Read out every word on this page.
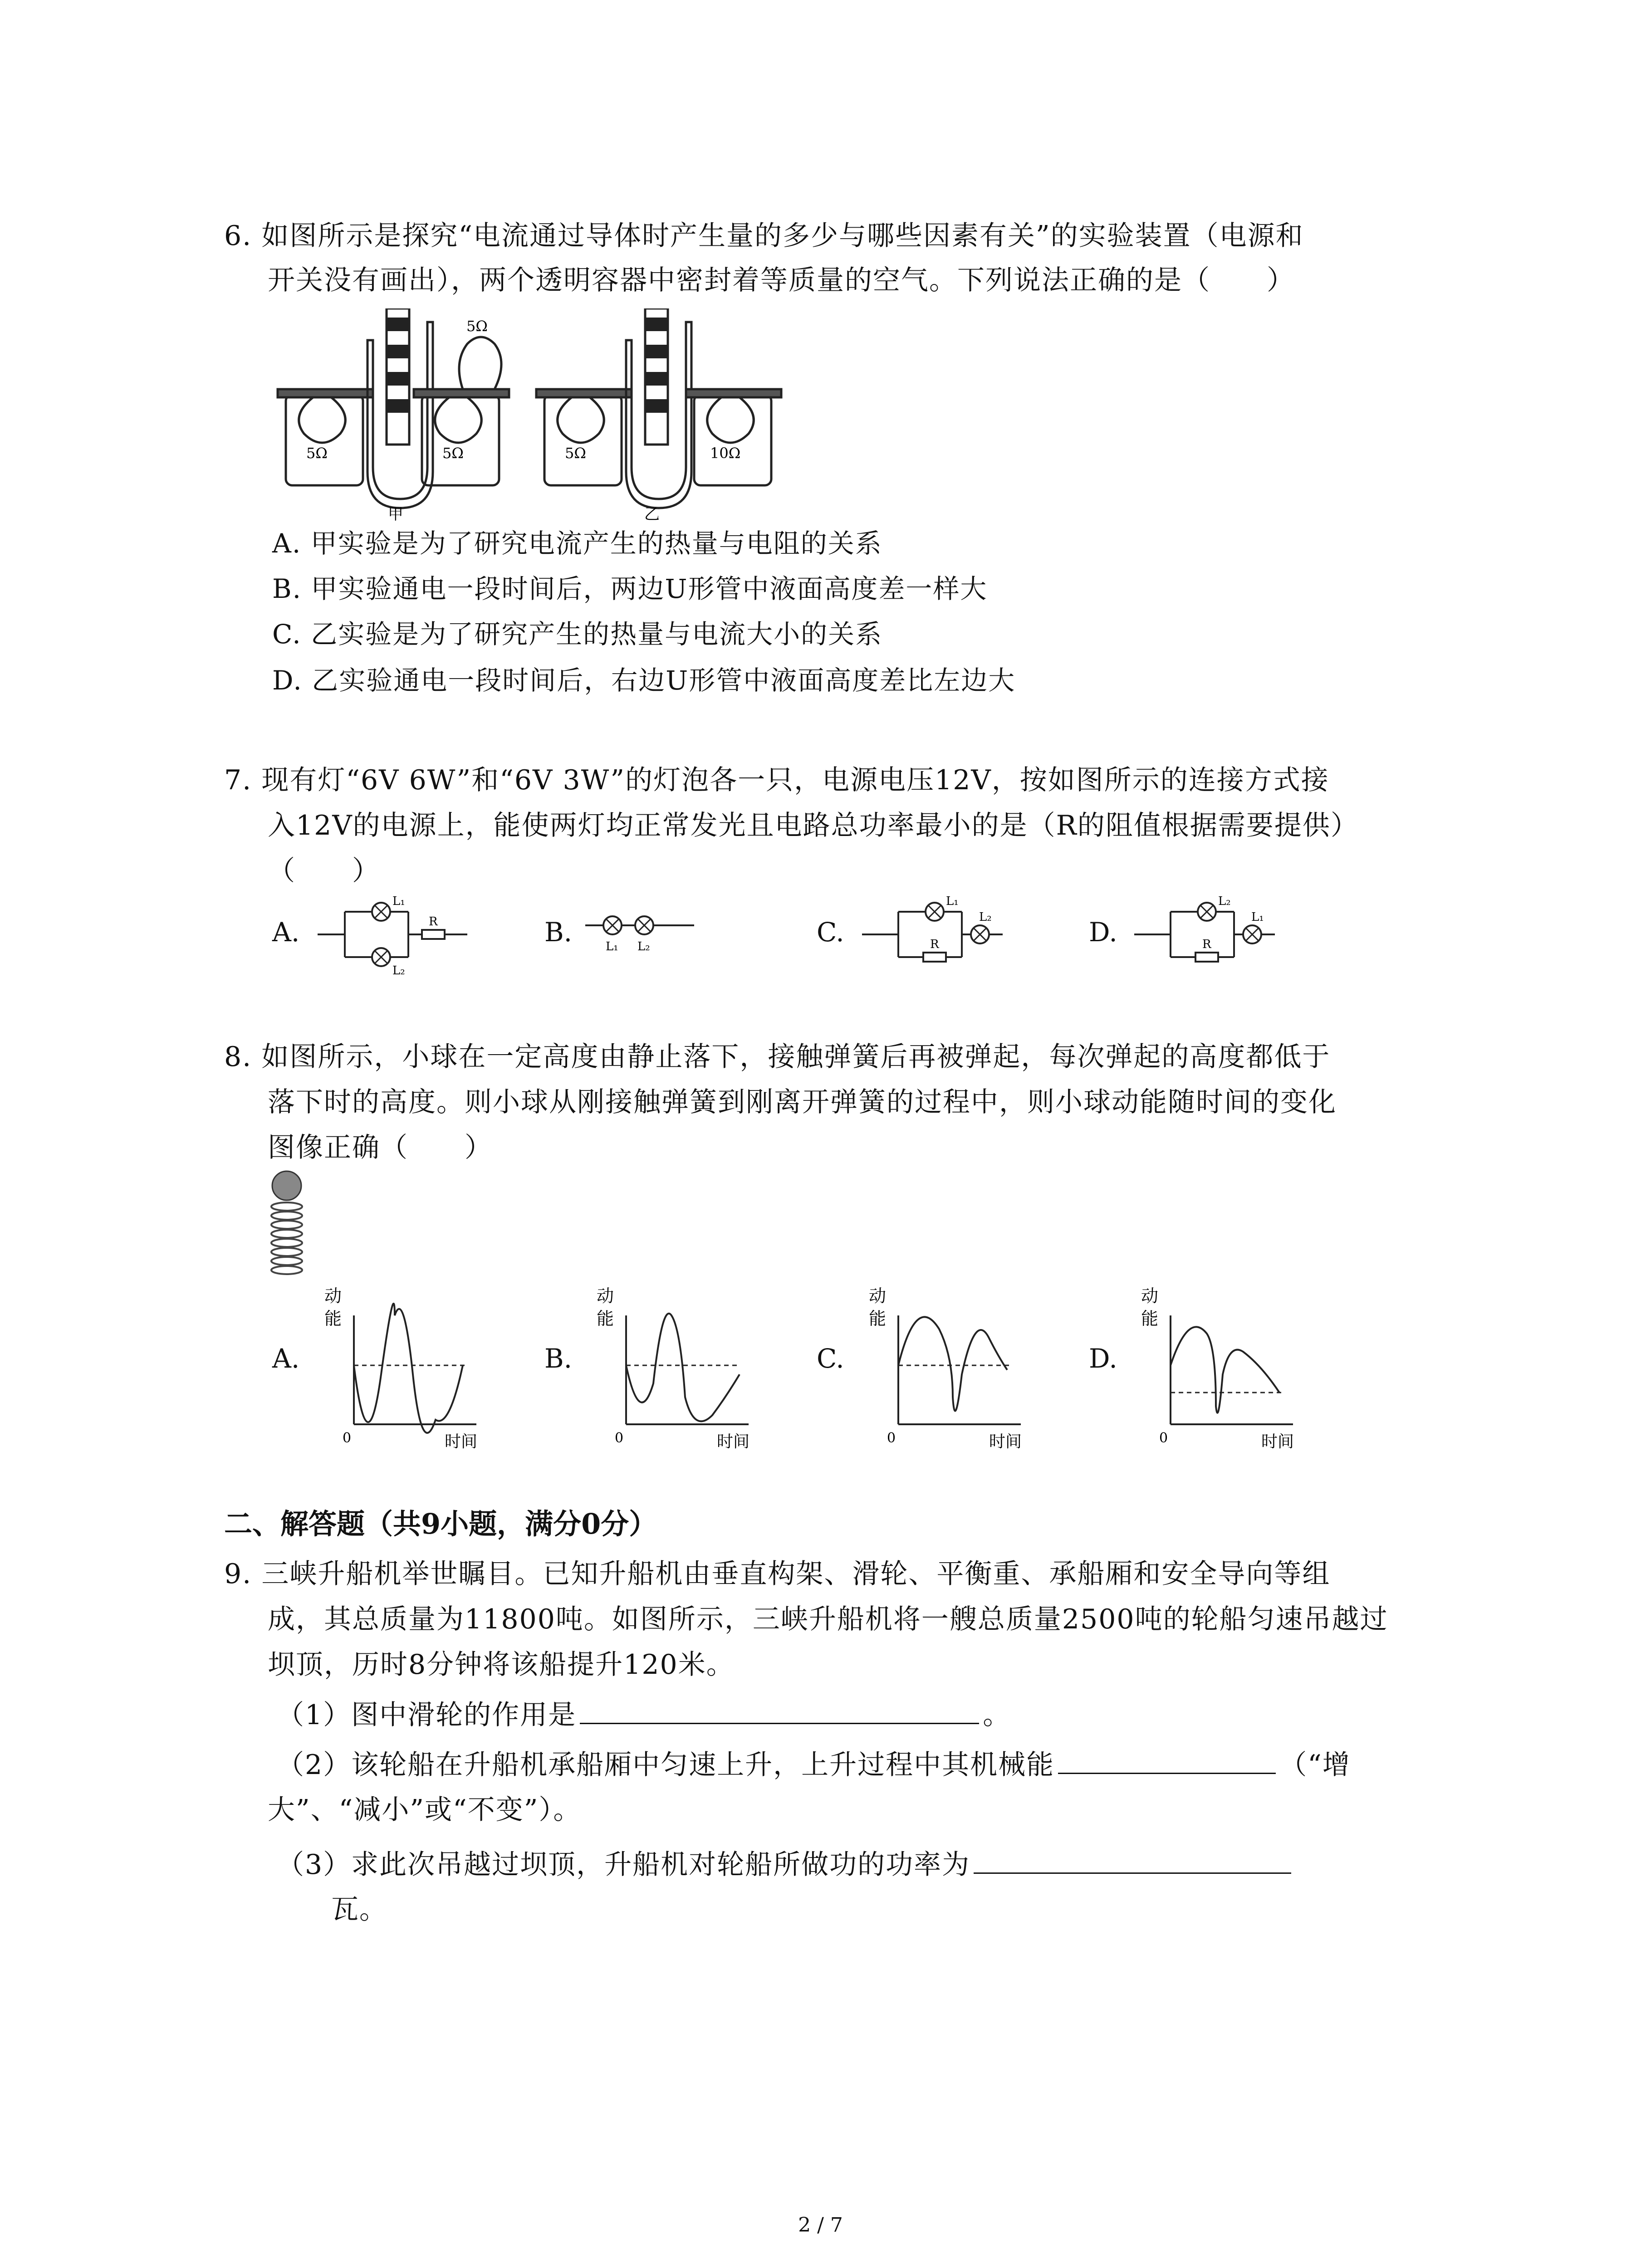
6. 如图所示是探究“电流通过导体时产生量的多少与哪些因素有关”的实验装置（电源和
开关没有画出），两个透明容器中密封着等质量的空气。下列说法正确的是（　　）
5Ω	5Ω
5Ω
5Ω	10Ω
甲	乙
A. 甲实验是为了研究电流产生的热量与电阻的关系
B. 甲实验通电一段时间后，两边U形管中液面高度差一样大
C. 乙实验是为了研究产生的热量与电流大小的关系
D. 乙实验通电一段时间后，右边U形管中液面高度差比左边大
7. 现有灯“6V 6W”和“6V 3W”的灯泡各一只，电源电压12V，按如图所示的连接方式接
入12V的电源上，能使两灯均正常发光且电路总功率最小的是（R的阻值根据需要提供）
（　　）
A.	B.	C.	D.
L₁
L₂
R
L₁ L₂
L₁
L₂
R
L₂
L₁
R
8. 如图所示，小球在一定高度由静止落下，接触弹簧后再被弹起，每次弹起的高度都低于
落下时的高度。则小球从刚接触弹簧到刚离开弹簧的过程中，则小球动能随时间的变化
图像正确（　　）
A.	B.	C.	D.
动
能
0	时间
动
能
0	时间
动
能
0	时间
动
能
0	时间
二、解答题（共9小题，满分0分）
9. 三峡升船机举世瞩目。已知升船机由垂直构架、滑轮、平衡重、承船厢和安全导向等组
成，其总质量为11800吨。如图所示，三峡升船机将一艘总质量2500吨的轮船匀速吊越过
坝顶，历时8分钟将该船提升120米。
（1）图中滑轮的作用是	。
（2）该轮船在升船机承船厢中匀速上升，上升过程中其机械能	（“增
大”、“减小”或“不变”）。
（3）求此次吊越过坝顶，升船机对轮船所做功的功率为
瓦。
2 / 7
